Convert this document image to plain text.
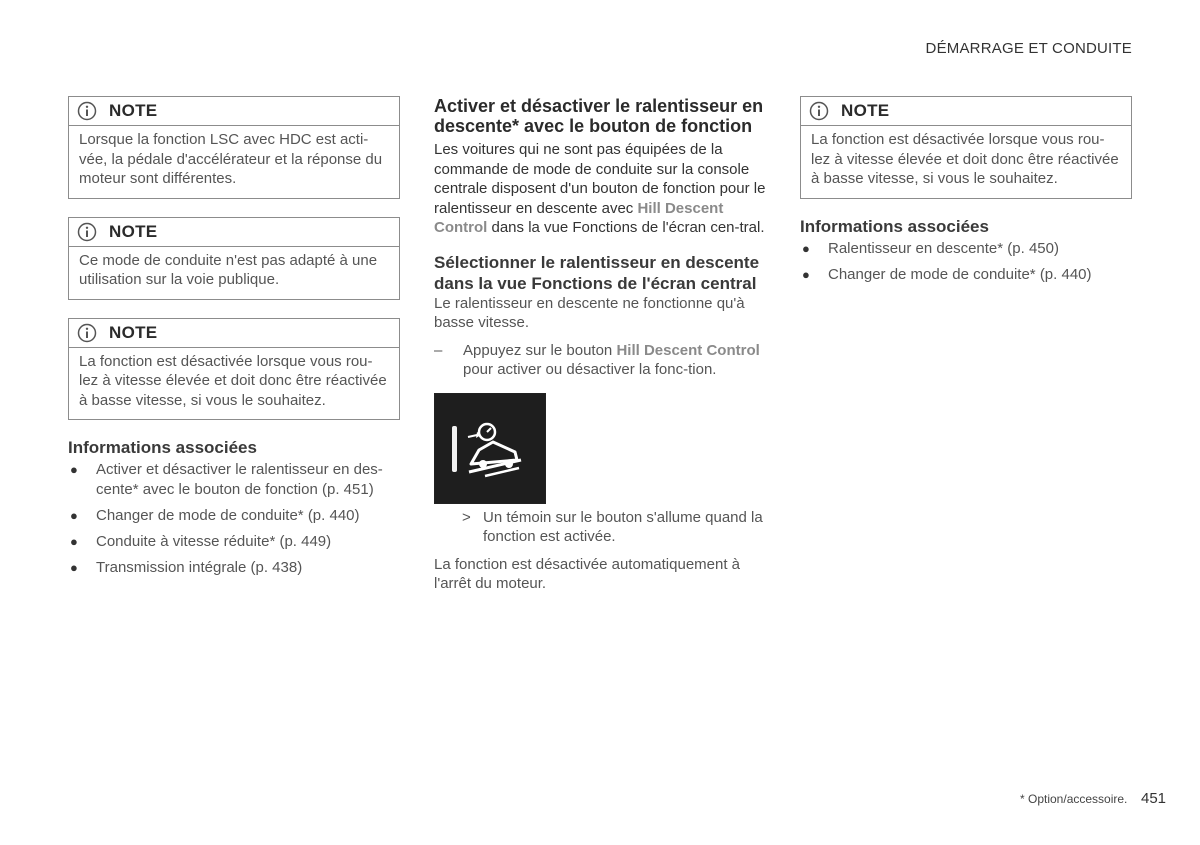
DÉMARRAGE ET CONDUITE
NOTE
Lorsque la fonction LSC avec HDC est acti-vée, la pédale d'accélérateur et la réponse du moteur sont différentes.
NOTE
Ce mode de conduite n'est pas adapté à une utilisation sur la voie publique.
NOTE
La fonction est désactivée lorsque vous rou-lez à vitesse élevée et doit donc être réactivée à basse vitesse, si vous le souhaitez.
Informations associées
● Activer et désactiver le ralentisseur en des-cente* avec le bouton de fonction (p. 451)
● Changer de mode de conduite* (p. 440)
● Conduite à vitesse réduite* (p. 449)
● Transmission intégrale (p. 438)
Activer et désactiver le ralentisseur en descente* avec le bouton de fonction

Les voitures qui ne sont pas équipées de la commande de mode de conduite sur la console centrale disposent d'un bouton de fonction pour le ralentisseur en descente avec Hill Descent Control dans la vue Fonctions de l'écran cen-tral.

Sélectionner le ralentisseur en descente dans la vue Fonctions de l'écran central

Le ralentisseur en descente ne fonctionne qu'à basse vitesse.

– Appuyez sur le bouton Hill Descent Control pour activer ou désactiver la fonc-tion.
> Un témoin sur le bouton s'allume quand la fonction est activée.

La fonction est désactivée automatiquement à l'arrêt du moteur.

NOTE
La fonction est désactivée lorsque vous rou-lez à vitesse élevée et doit donc être réactivée à basse vitesse, si vous le souhaitez.
Informations associées
● Ralentisseur en descente* (p. 450)
● Changer de mode de conduite* (p. 440)
* Option/accessoire. 451
